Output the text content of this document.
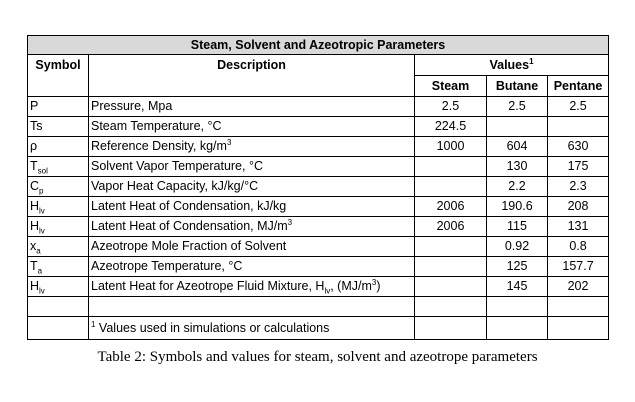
Steam, Solvent and Azeotropic Parameters				
Symbol	Description	Values$^1$
		Steam	Butane	Pentane
P	Pressure, Mpa	2.5	2.5	2.5
Ts	Steam Temperature, °C	224.5		
ρ	Reference Density, $kg/m^3$	1000	604	630
$T_{sol}$	Solvent Vapor Temperature, °C		130	175
$C_p$	Vapor Heat Capacity, kJ/kg/°C		2.2	2.3
$H_{lv}$	Latent Heat of Condensation, kJ/kg	2006	190.6	208
$H_{lv}$	Latent Heat of Condensation, $MJ/m^3$	2006	115	131
$x_a$	Azeotrope Mole Fraction of Solvent		0.92	0.8
$T_a$	Azeotrope Temperature, °C		125	157.7
$H_{lv}$	Latent Heat for Azeotrope Fluid Mixture, $H_{lv}$, $(MJ/m^3)$		145	202

	$^1$ Values used in simulations or calculations			
Table 2: Symbols and values for steam, solvent and azeotrope parameters
